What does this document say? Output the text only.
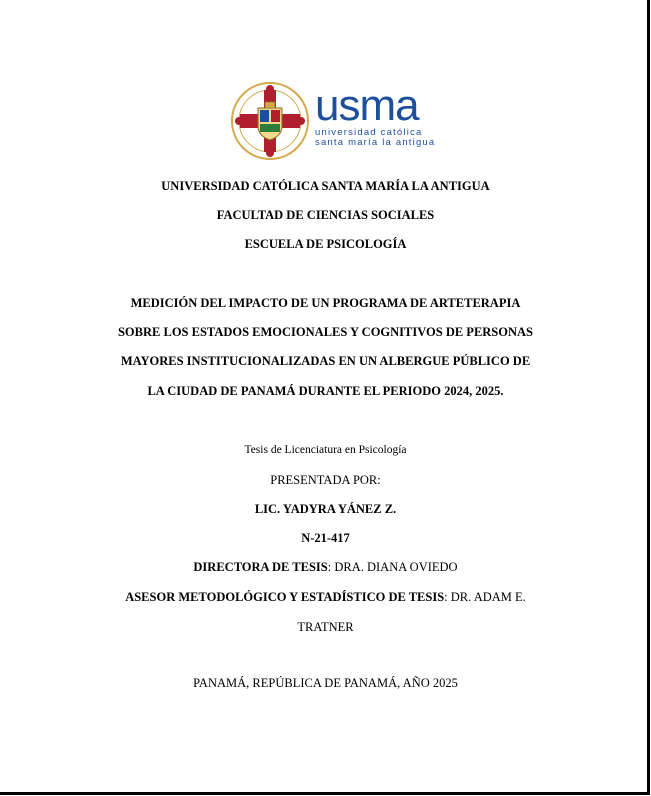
usma
universidad católica
santa maría la antigua
UNIVERSIDAD CATÓLICA SANTA MARÍA LA ANTIGUA
FACULTAD DE CIENCIAS SOCIALES
ESCUELA DE PSICOLOGÍA
MEDICIÓN DEL IMPACTO DE UN PROGRAMA DE ARTETERAPIA
SOBRE LOS ESTADOS EMOCIONALES Y COGNITIVOS DE PERSONAS
MAYORES INSTITUCIONALIZADAS EN UN ALBERGUE PÚBLICO DE
LA CIUDAD DE PANAMÁ DURANTE EL PERIODO 2024, 2025.
Tesis de Licenciatura en Psicología
PRESENTADA POR:
LIC. YADYRA YÁNEZ Z.
N-21-417
DIRECTORA DE TESIS: DRA. DIANA OVIEDO
ASESOR METODOLÓGICO Y ESTADÍSTICO DE TESIS: DR. ADAM E.
TRATNER
PANAMÁ, REPÚBLICA DE PANAMÁ, AÑO 2025
